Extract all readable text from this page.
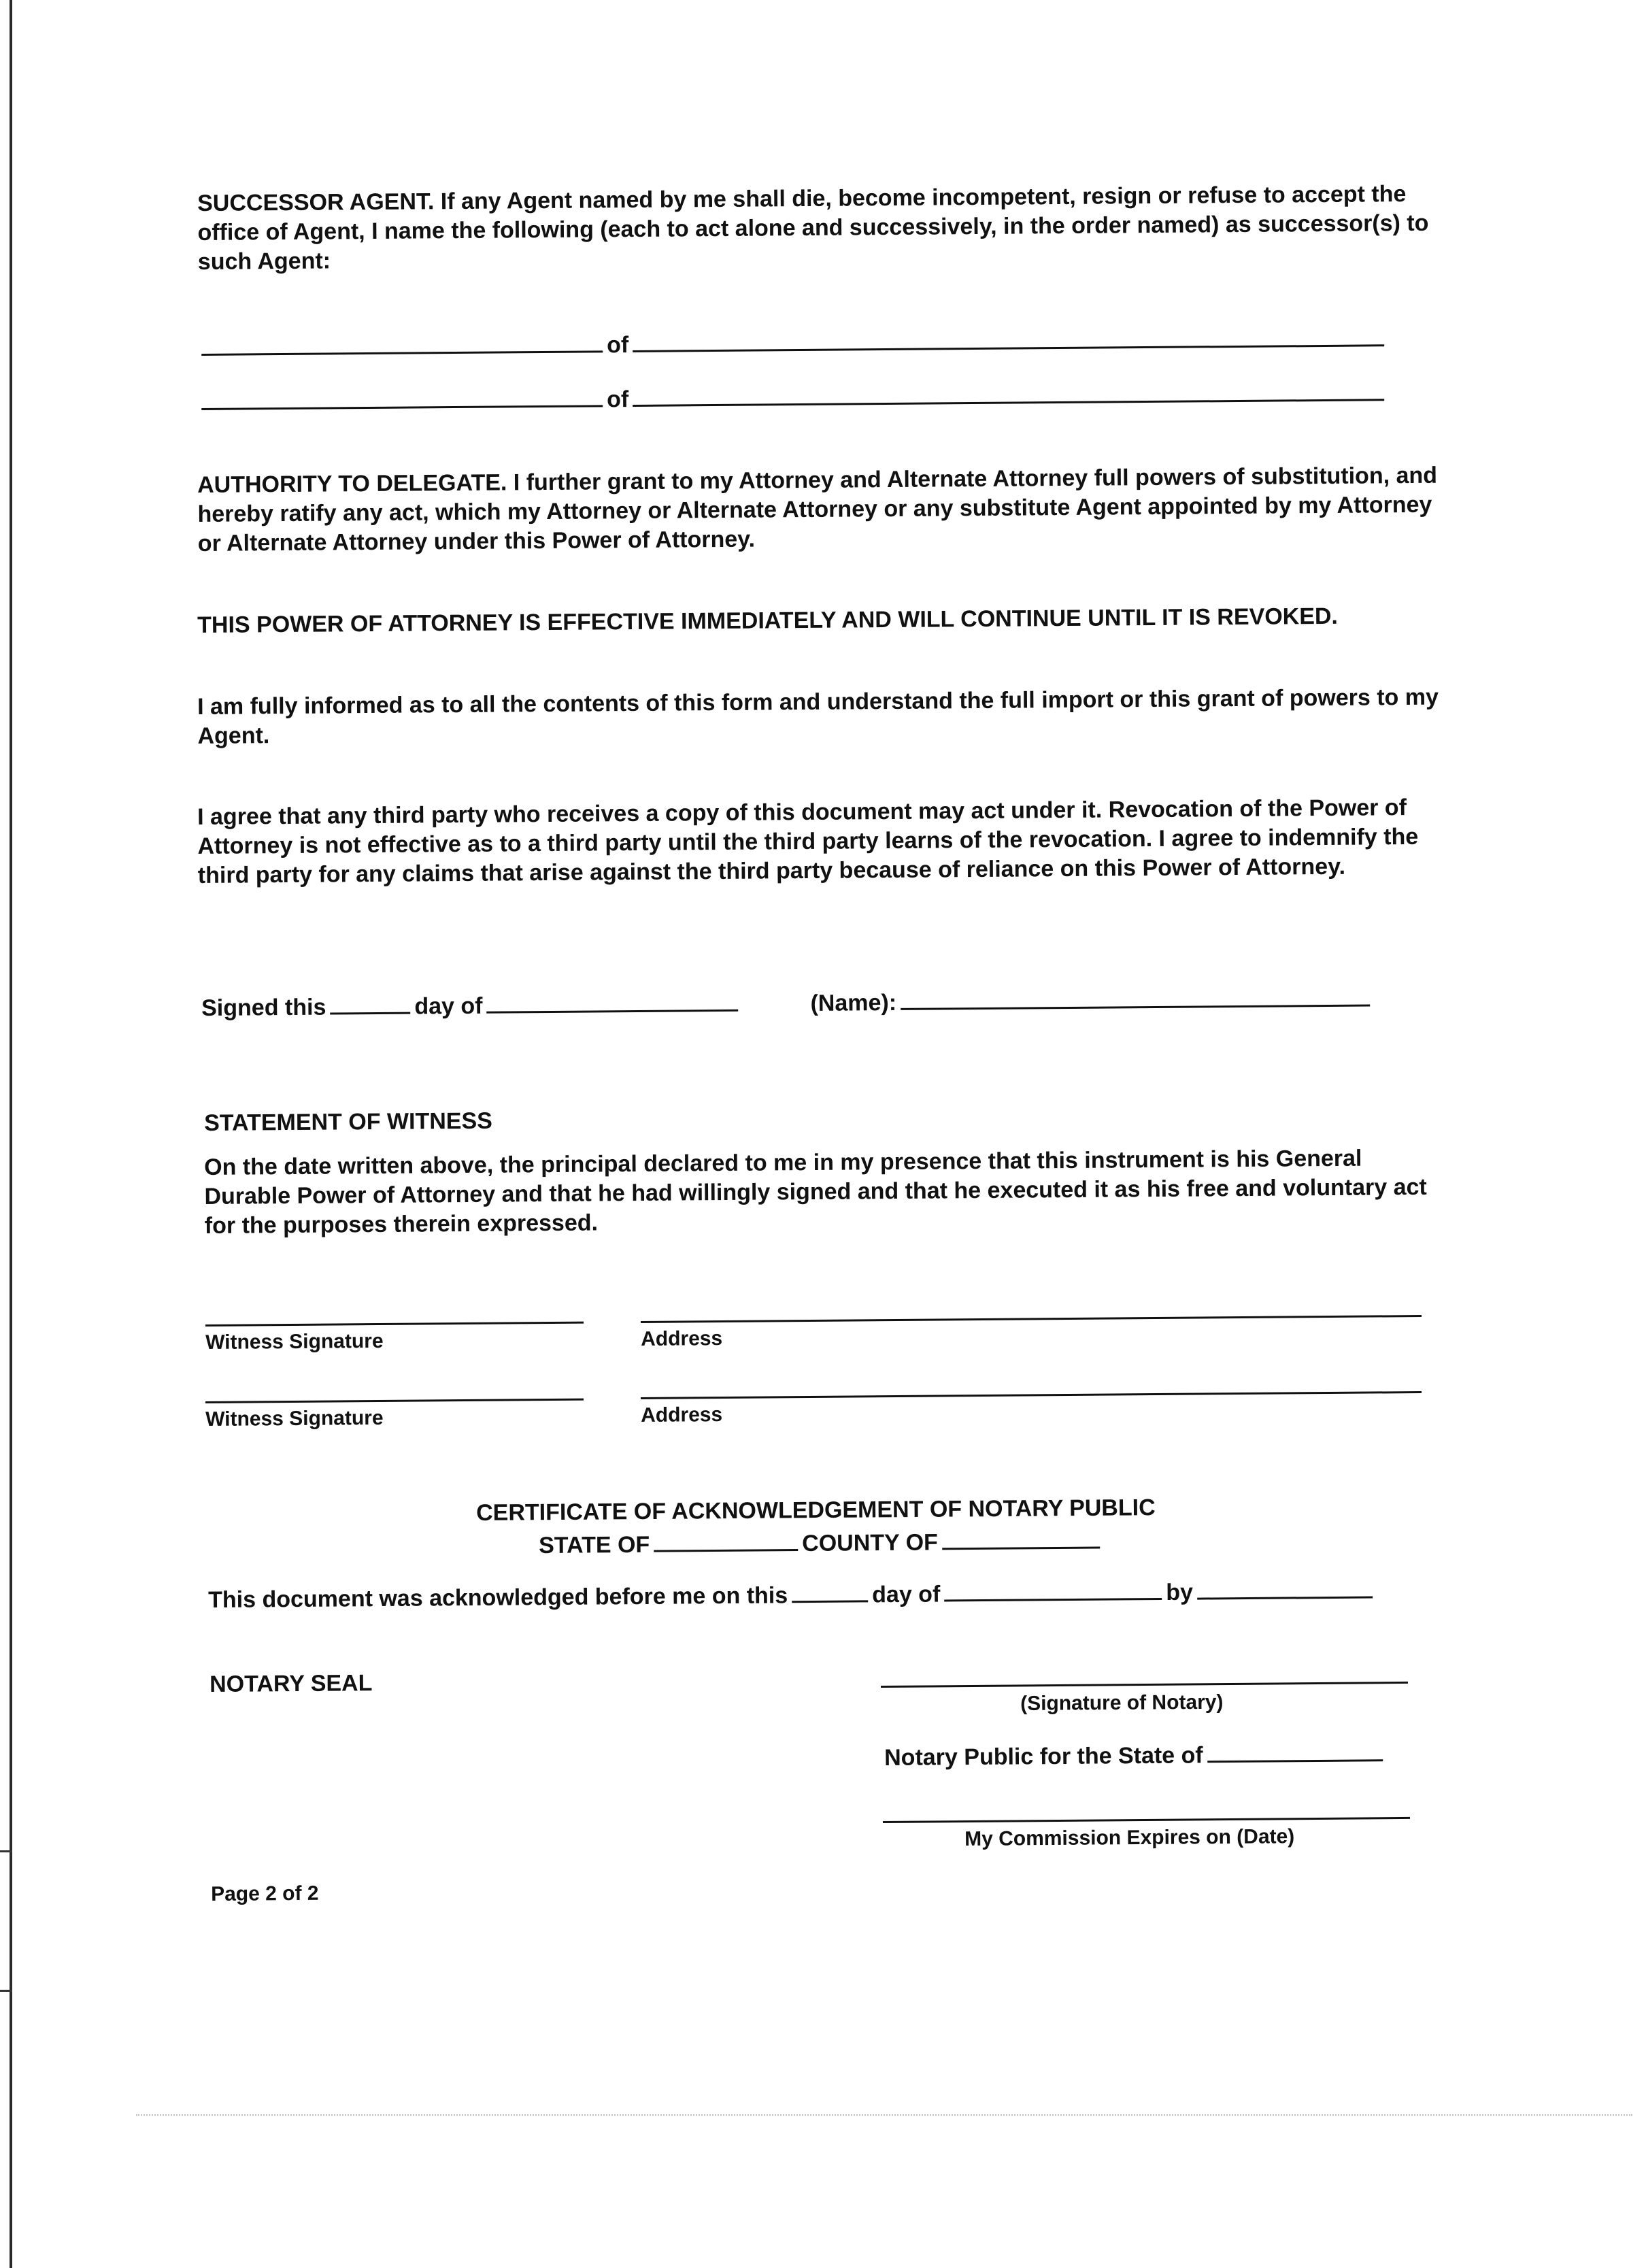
SUCCESSOR AGENT. If any Agent named by me shall die, become incompetent, resign or refuse to accept the office of Agent, I name the following (each to act alone and successively, in the order named) as successor(s) to such Agent:

of
of

AUTHORITY TO DELEGATE. I further grant to my Attorney and Alternate Attorney full powers of substitution, and hereby ratify any act, which my Attorney or Alternate Attorney or any substitute Agent appointed by my Attorney or Alternate Attorney under this Power of Attorney.

THIS POWER OF ATTORNEY IS EFFECTIVE IMMEDIATELY AND WILL CONTINUE UNTIL IT IS REVOKED.

I am fully informed as to all the contents of this form and understand the full import or this grant of powers to my Agent.

I agree that any third party who receives a copy of this document may act under it. Revocation of the Power of Attorney is not effective as to a third party until the third party learns of the revocation. I agree to indemnify the third party for any claims that arise against the third party because of reliance on this Power of Attorney.

Signed this	day of	(Name):
STATEMENT OF WITNESS

On the date written above, the principal declared to me in my presence that this instrument is his General Durable Power of Attorney and that he had willingly signed and that he executed it as his free and voluntary act for the purposes therein expressed.

Witness Signature	Address
Witness Signature	Address
CERTIFICATE OF ACKNOWLEDGEMENT OF NOTARY PUBLIC
STATE OF	COUNTY OF
This document was acknowledged before me on this	day of	by
NOTARY SEAL
(Signature of Notary)
Notary Public for the State of
My Commission Expires on (Date)
Page 2 of 2
